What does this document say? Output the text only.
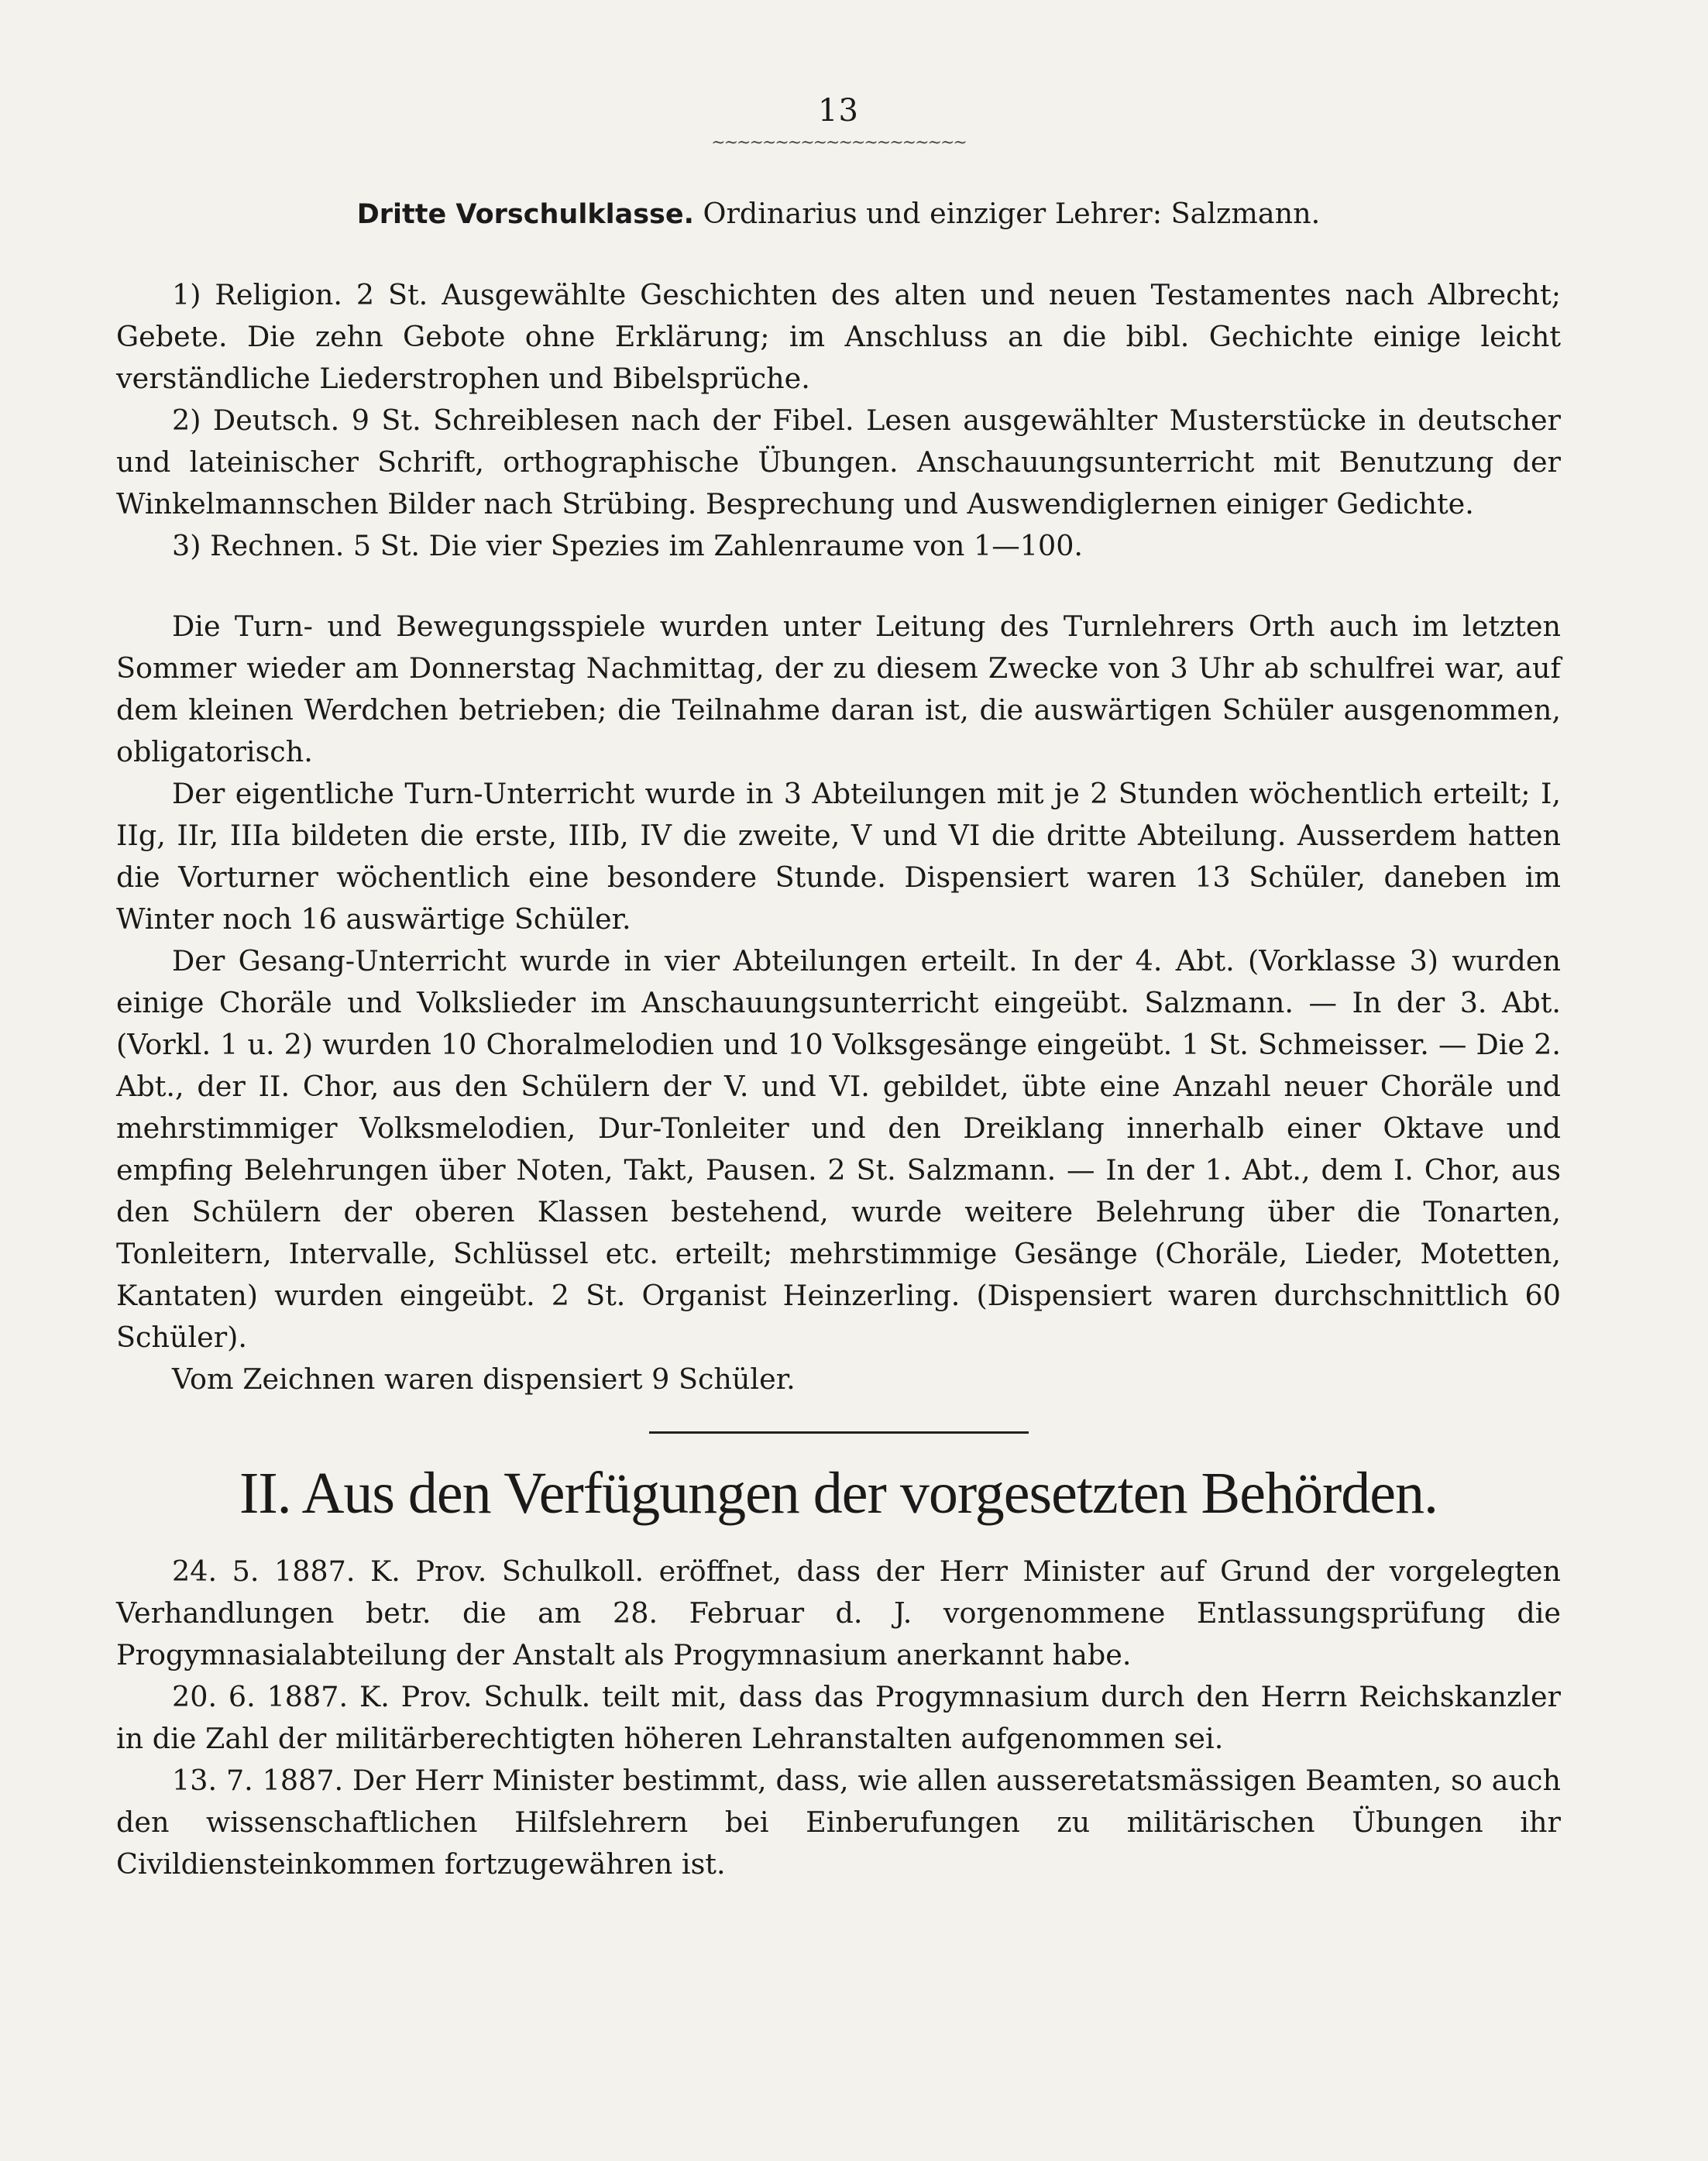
13
~~~~~~~~~~~~~~~~~~~~

Dritte Vorschulklasse. Ordinarius und einziger Lehrer: Salzmann.

1) Religion. 2 St. Ausgewählte Geschichten des alten und neuen Testamentes nach Albrecht; Gebete. Die zehn Gebote ohne Erklärung; im Anschluss an die bibl. Gechichte einige leicht verständliche Liederstrophen und Bibelsprüche.

2) Deutsch. 9 St. Schreiblesen nach der Fibel. Lesen ausgewählter Musterstücke in deutscher und lateinischer Schrift, orthographische Übungen. Anschauungsunterricht mit Benutzung der Winkelmannschen Bilder nach Strübing. Besprechung und Auswendiglernen einiger Gedichte.

3) Rechnen. 5 St. Die vier Spezies im Zahlenraume von 1—100.

Die Turn- und Bewegungsspiele wurden unter Leitung des Turnlehrers Orth auch im letzten Sommer wieder am Donnerstag Nachmittag, der zu diesem Zwecke von 3 Uhr ab schulfrei war, auf dem kleinen Werdchen betrieben; die Teilnahme daran ist, die auswärtigen Schüler ausgenommen, obligatorisch.

Der eigentliche Turn-Unterricht wurde in 3 Abteilungen mit je 2 Stunden wöchentlich erteilt; I, IIg, IIr, IIIa bildeten die erste, IIIb, IV die zweite, V und VI die dritte Abteilung. Ausserdem hatten die Vorturner wöchentlich eine besondere Stunde. Dispensiert waren 13 Schüler, daneben im Winter noch 16 auswärtige Schüler.

Der Gesang-Unterricht wurde in vier Abteilungen erteilt. In der 4. Abt. (Vorklasse 3) wurden einige Choräle und Volkslieder im Anschauungsunterricht eingeübt. Salzmann. — In der 3. Abt. (Vorkl. 1 u. 2) wurden 10 Choralmelodien und 10 Volksgesänge eingeübt. 1 St. Schmeisser. — Die 2. Abt., der II. Chor, aus den Schülern der V. und VI. gebildet, übte eine Anzahl neuer Choräle und mehrstimmiger Volksmelodien, Dur-Tonleiter und den Dreiklang innerhalb einer Oktave und empfing Belehrungen über Noten, Takt, Pausen. 2 St. Salzmann. — In der 1. Abt., dem I. Chor, aus den Schülern der oberen Klassen bestehend, wurde weitere Belehrung über die Tonarten, Tonleitern, Intervalle, Schlüssel etc. erteilt; mehrstimmige Gesänge (Choräle, Lieder, Motetten, Kantaten) wurden eingeübt. 2 St. Organist Heinzerling. (Dispensiert waren durchschnittlich 60 Schüler).

Vom Zeichnen waren dispensiert 9 Schüler.

II. Aus den Verfügungen der vorgesetzten Behörden.

24. 5. 1887. K. Prov. Schulkoll. eröffnet, dass der Herr Minister auf Grund der vorgelegten Verhandlungen betr. die am 28. Februar d. J. vorgenommene Entlassungsprüfung die Progymnasialabteilung der Anstalt als Progymnasium anerkannt habe.

20. 6. 1887. K. Prov. Schulk. teilt mit, dass das Progymnasium durch den Herrn Reichskanzler in die Zahl der militärberechtigten höheren Lehranstalten aufgenommen sei.

13. 7. 1887. Der Herr Minister bestimmt, dass, wie allen ausseretatsmässigen Beamten, so auch den wissenschaftlichen Hilfslehrern bei Einberufungen zu militärischen Übungen ihr Civildiensteinkommen fortzugewähren ist.
